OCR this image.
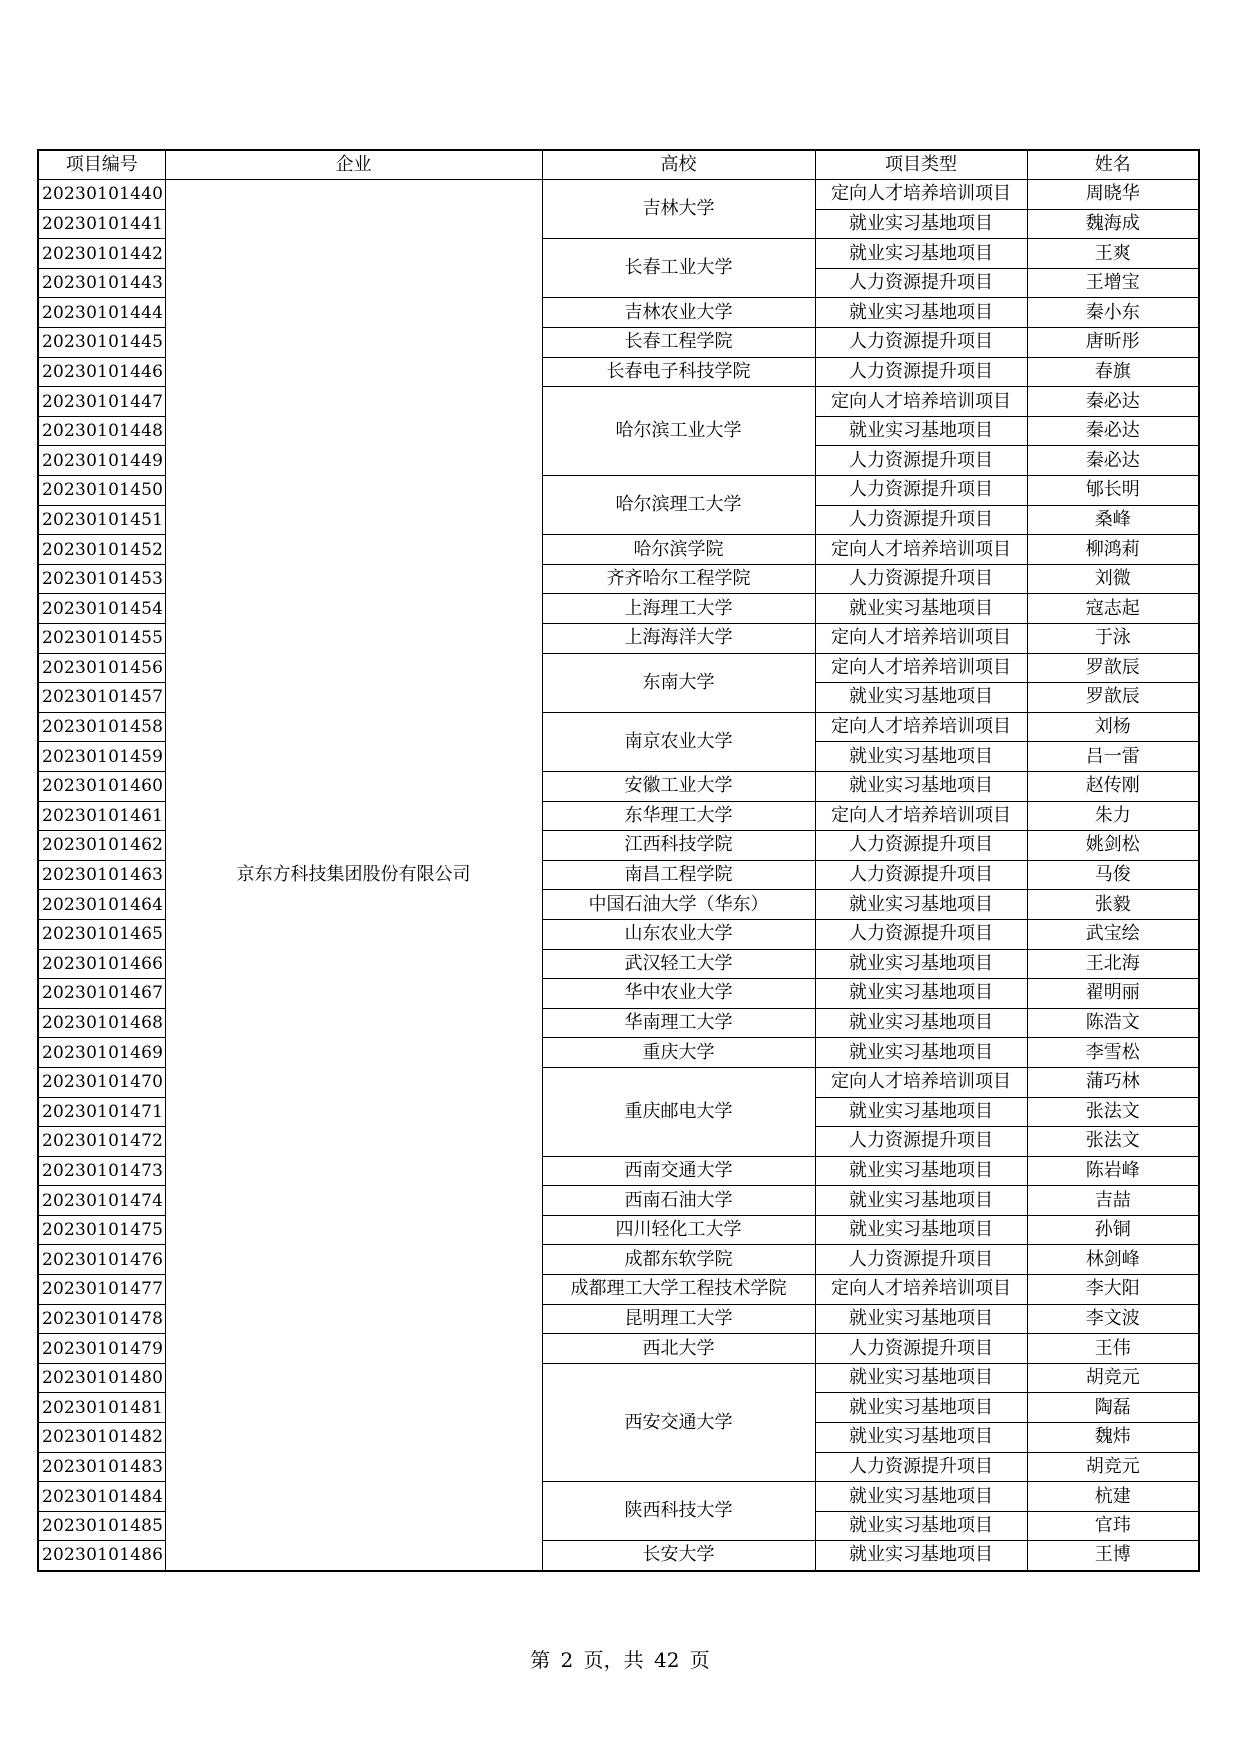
项目编号	企业	高校	项目类型	姓名
20230101440	京东方科技集团股份有限公司	吉林大学	定向人才培养培训项目	周晓华
20230101441			就业实习基地项目	魏海成
20230101442		长春工业大学	就业实习基地项目	王爽
20230101443			人力资源提升项目	王增宝
20230101444		吉林农业大学	就业实习基地项目	秦小东
20230101445		长春工程学院	人力资源提升项目	唐昕彤
20230101446		长春电子科技学院	人力资源提升项目	春旗
20230101447		哈尔滨工业大学	定向人才培养培训项目	秦必达
20230101448			就业实习基地项目	秦必达
20230101449			人力资源提升项目	秦必达
20230101450		哈尔滨理工大学	人力资源提升项目	郇长明
20230101451			人力资源提升项目	桑峰
20230101452		哈尔滨学院	定向人才培养培训项目	柳鸿莉
20230101453		齐齐哈尔工程学院	人力资源提升项目	刘微
20230101454		上海理工大学	就业实习基地项目	寇志起
20230101455		上海海洋大学	定向人才培养培训项目	于泳
20230101456		东南大学	定向人才培养培训项目	罗歆辰
20230101457			就业实习基地项目	罗歆辰
20230101458		南京农业大学	定向人才培养培训项目	刘杨
20230101459			就业实习基地项目	吕一雷
20230101460		安徽工业大学	就业实习基地项目	赵传刚
20230101461		东华理工大学	定向人才培养培训项目	朱力
20230101462		江西科技学院	人力资源提升项目	姚剑松
20230101463		南昌工程学院	人力资源提升项目	马俊
20230101464		中国石油大学（华东）	就业实习基地项目	张毅
20230101465		山东农业大学	人力资源提升项目	武宝绘
20230101466		武汉轻工大学	就业实习基地项目	王北海
20230101467		华中农业大学	就业实习基地项目	翟明丽
20230101468		华南理工大学	就业实习基地项目	陈浩文
20230101469		重庆大学	就业实习基地项目	李雪松
20230101470		重庆邮电大学	定向人才培养培训项目	蒲巧林
20230101471			就业实习基地项目	张法文
20230101472			人力资源提升项目	张法文
20230101473		西南交通大学	就业实习基地项目	陈岩峰
20230101474		西南石油大学	就业实习基地项目	吉喆
20230101475		四川轻化工大学	就业实习基地项目	孙铜
20230101476		成都东软学院	人力资源提升项目	林剑峰
20230101477		成都理工大学工程技术学院	定向人才培养培训项目	李大阳
20230101478		昆明理工大学	就业实习基地项目	李文波
20230101479		西北大学	人力资源提升项目	王伟
20230101480		西安交通大学	就业实习基地项目	胡竞元
20230101481			就业实习基地项目	陶磊
20230101482			就业实习基地项目	魏炜
20230101483			人力资源提升项目	胡竞元
20230101484		陕西科技大学	就业实习基地项目	杭建
20230101485			就业实习基地项目	官玮
20230101486		长安大学	就业实习基地项目	王博
第 2 页，共 42 页
